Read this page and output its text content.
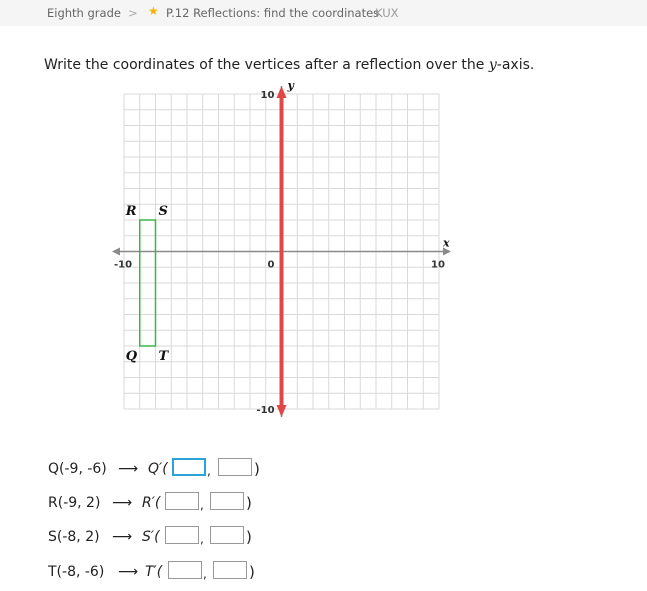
Eighth grade > ★ P.12 Reflections: find the coordinates
KUX
Write the coordinates of the vertices after a reflection over the y-axis.
-10	10
10
-10
0
x
y
Q
R S
T
Q(-9, -6) ⟶ Q′(	,	)
R(-9, 2) ⟶ R′(	,	)
S(-8, 2) ⟶ S′(	,	)
T(-8, -6) ⟶ T′(	,	)
